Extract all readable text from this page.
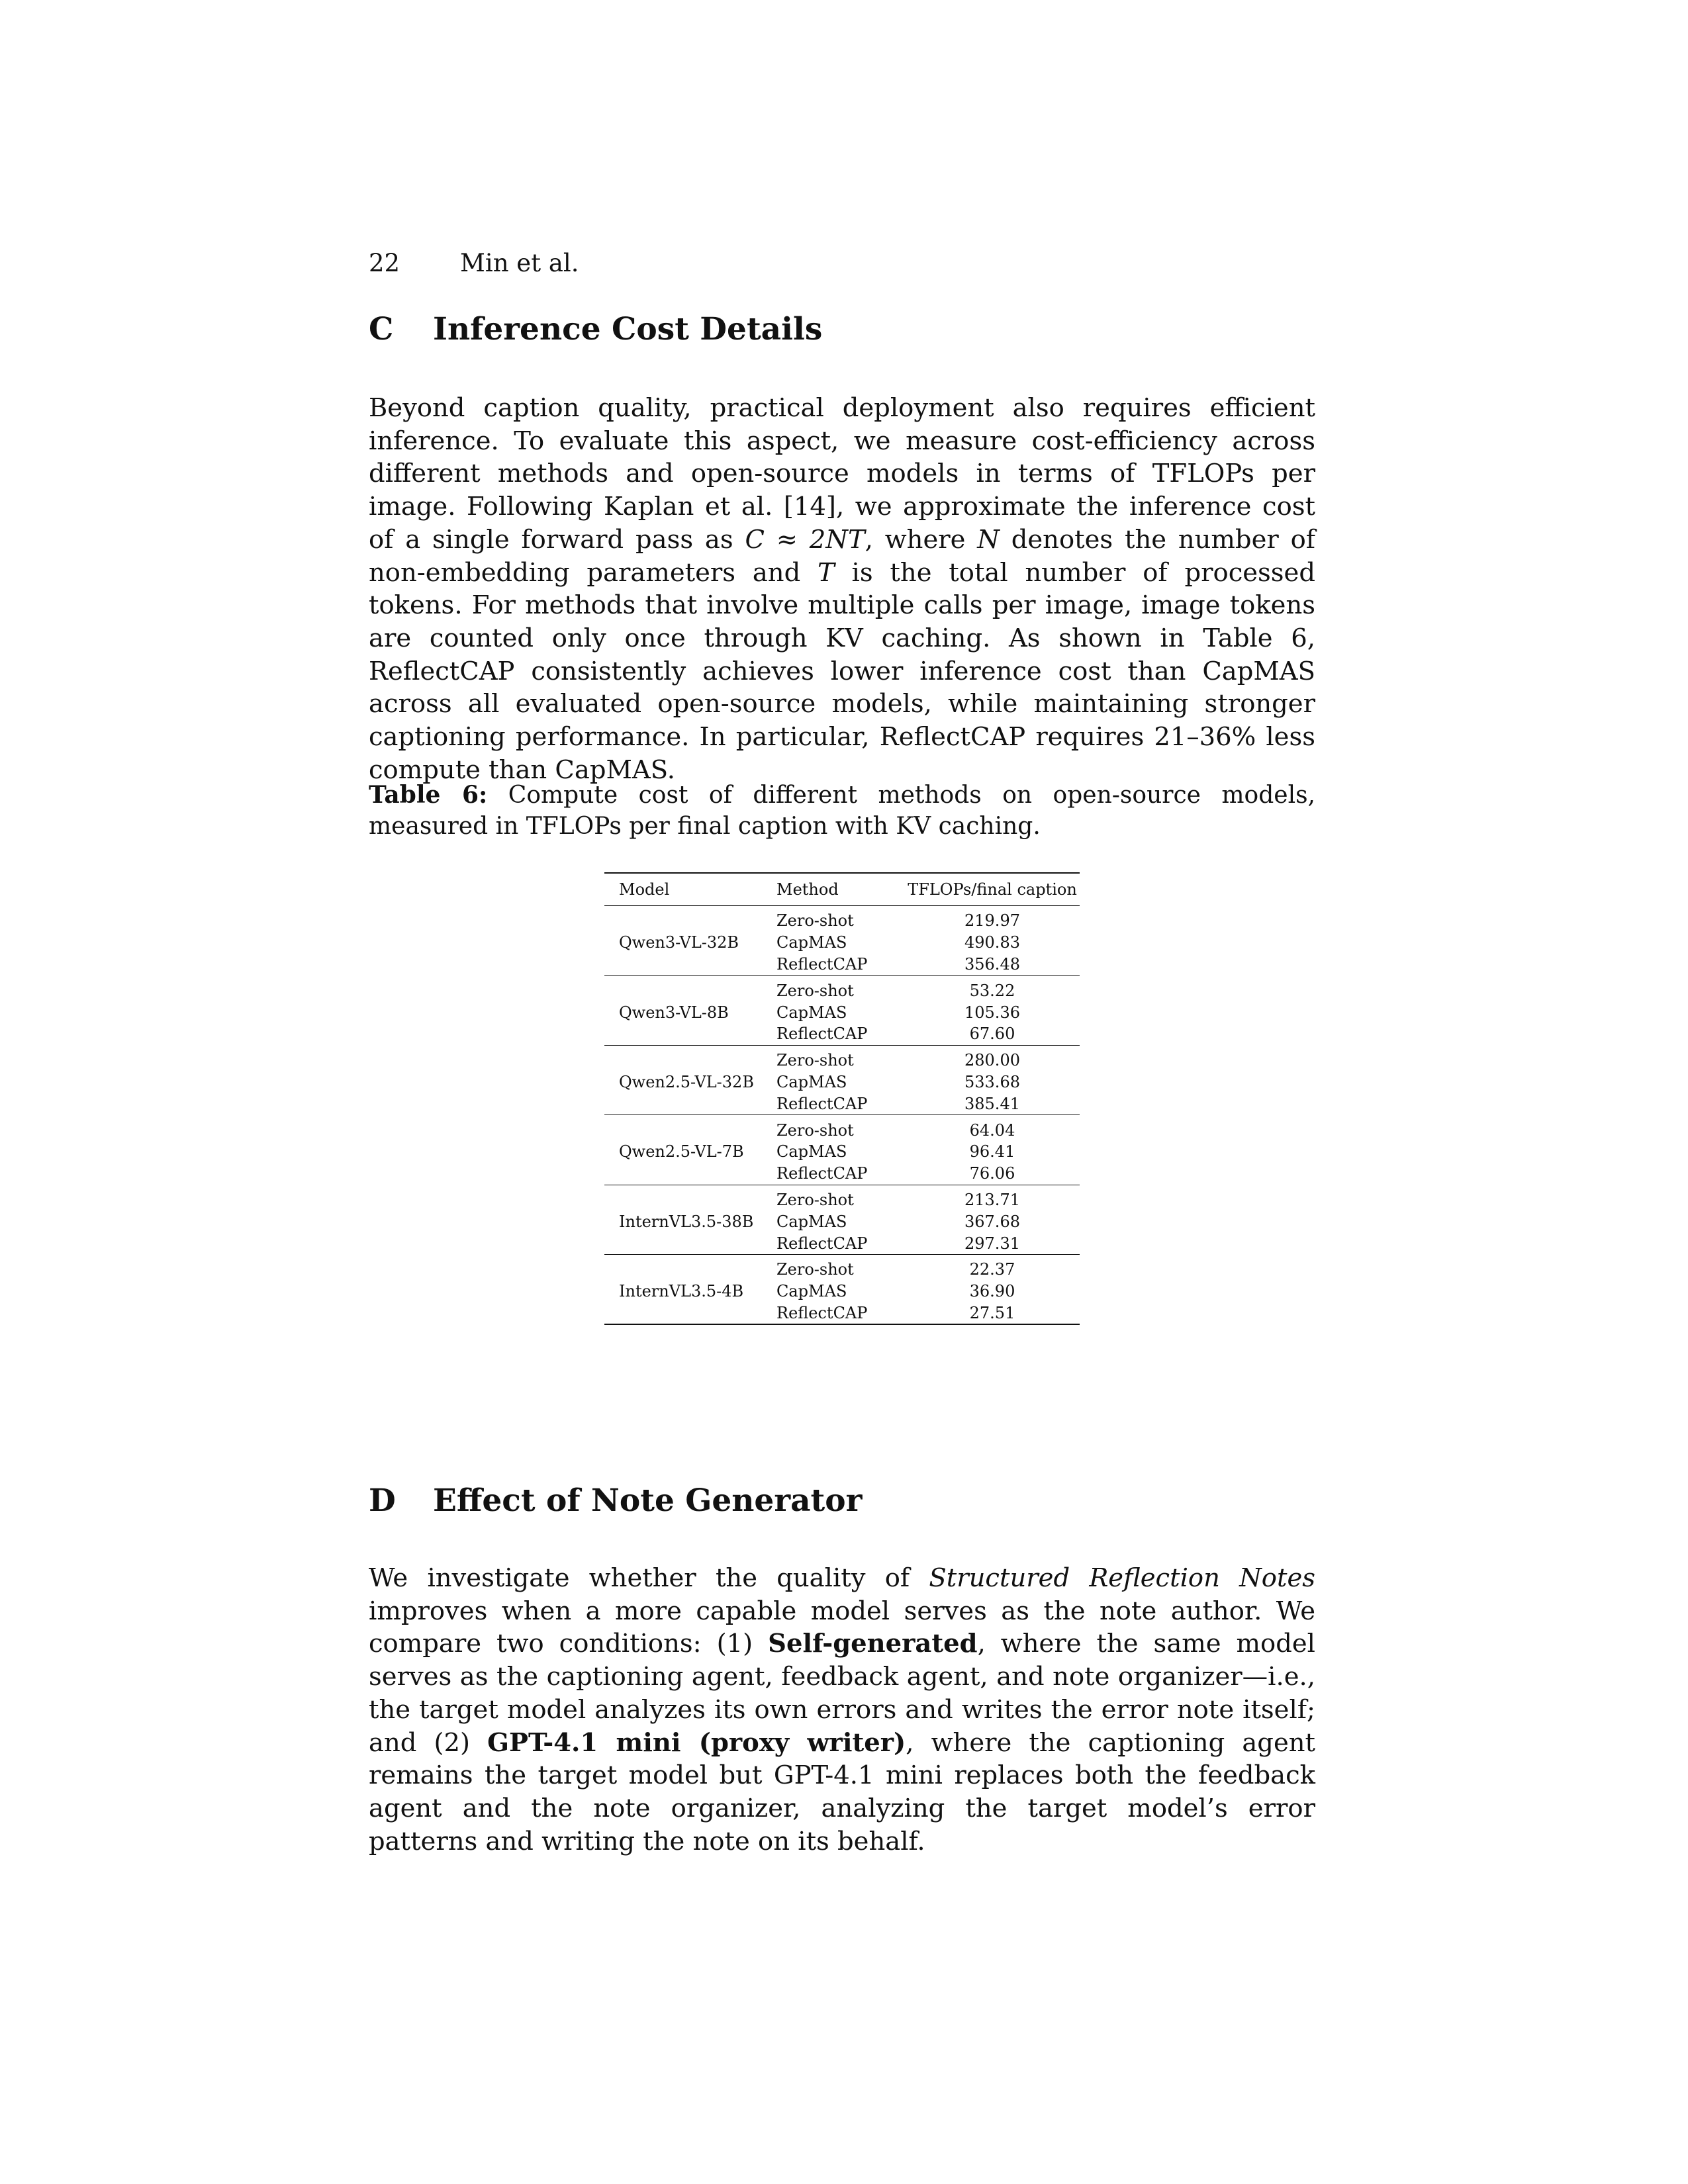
22 Min et al.
C Inference Cost Details

Beyond caption quality, practical deployment also requires efficient inference. To evaluate this aspect, we measure cost-efficiency across different methods and open-source models in terms of TFLOPs per image. Following Kaplan et al. [14], we approximate the inference cost of a single forward pass as C ≈ 2NT, where N denotes the number of non-embedding parameters and T is the total number of processed tokens. For methods that involve multiple calls per image, image tokens are counted only once through KV caching. As shown in Table 6, ReflectCAP consistently achieves lower inference cost than CapMAS across all evaluated open-source models, while maintaining stronger captioning performance. In particular, ReflectCAP requires 21–36% less compute than CapMAS.

Table 6: Compute cost of different methods on open-source models, measured in TFLOPs per final caption with KV caching.

Model	Method	TFLOPs/final caption
	Zero-shot	219.97
Qwen3-VL-32B	CapMAS	490.83
	ReflectCAP	356.48
	Zero-shot	53.22
Qwen3-VL-8B	CapMAS	105.36
	ReflectCAP	67.60
	Zero-shot	280.00
Qwen2.5-VL-32B	CapMAS	533.68
	ReflectCAP	385.41
	Zero-shot	64.04
Qwen2.5-VL-7B	CapMAS	96.41
	ReflectCAP	76.06
	Zero-shot	213.71
InternVL3.5-38B	CapMAS	367.68
	ReflectCAP	297.31
	Zero-shot	22.37
InternVL3.5-4B	CapMAS	36.90
	ReflectCAP	27.51
D Effect of Note Generator

We investigate whether the quality of Structured Reflection Notes improves when a more capable model serves as the note author. We compare two conditions: (1) Self-generated, where the same model serves as the captioning agent, feedback agent, and note organizer—i.e., the target model analyzes its own errors and writes the error note itself; and (2) GPT-4.1 mini (proxy writer), where the captioning agent remains the target model but GPT-4.1 mini replaces both the feedback agent and the note organizer, analyzing the target model’s error patterns and writing the note on its behalf.
